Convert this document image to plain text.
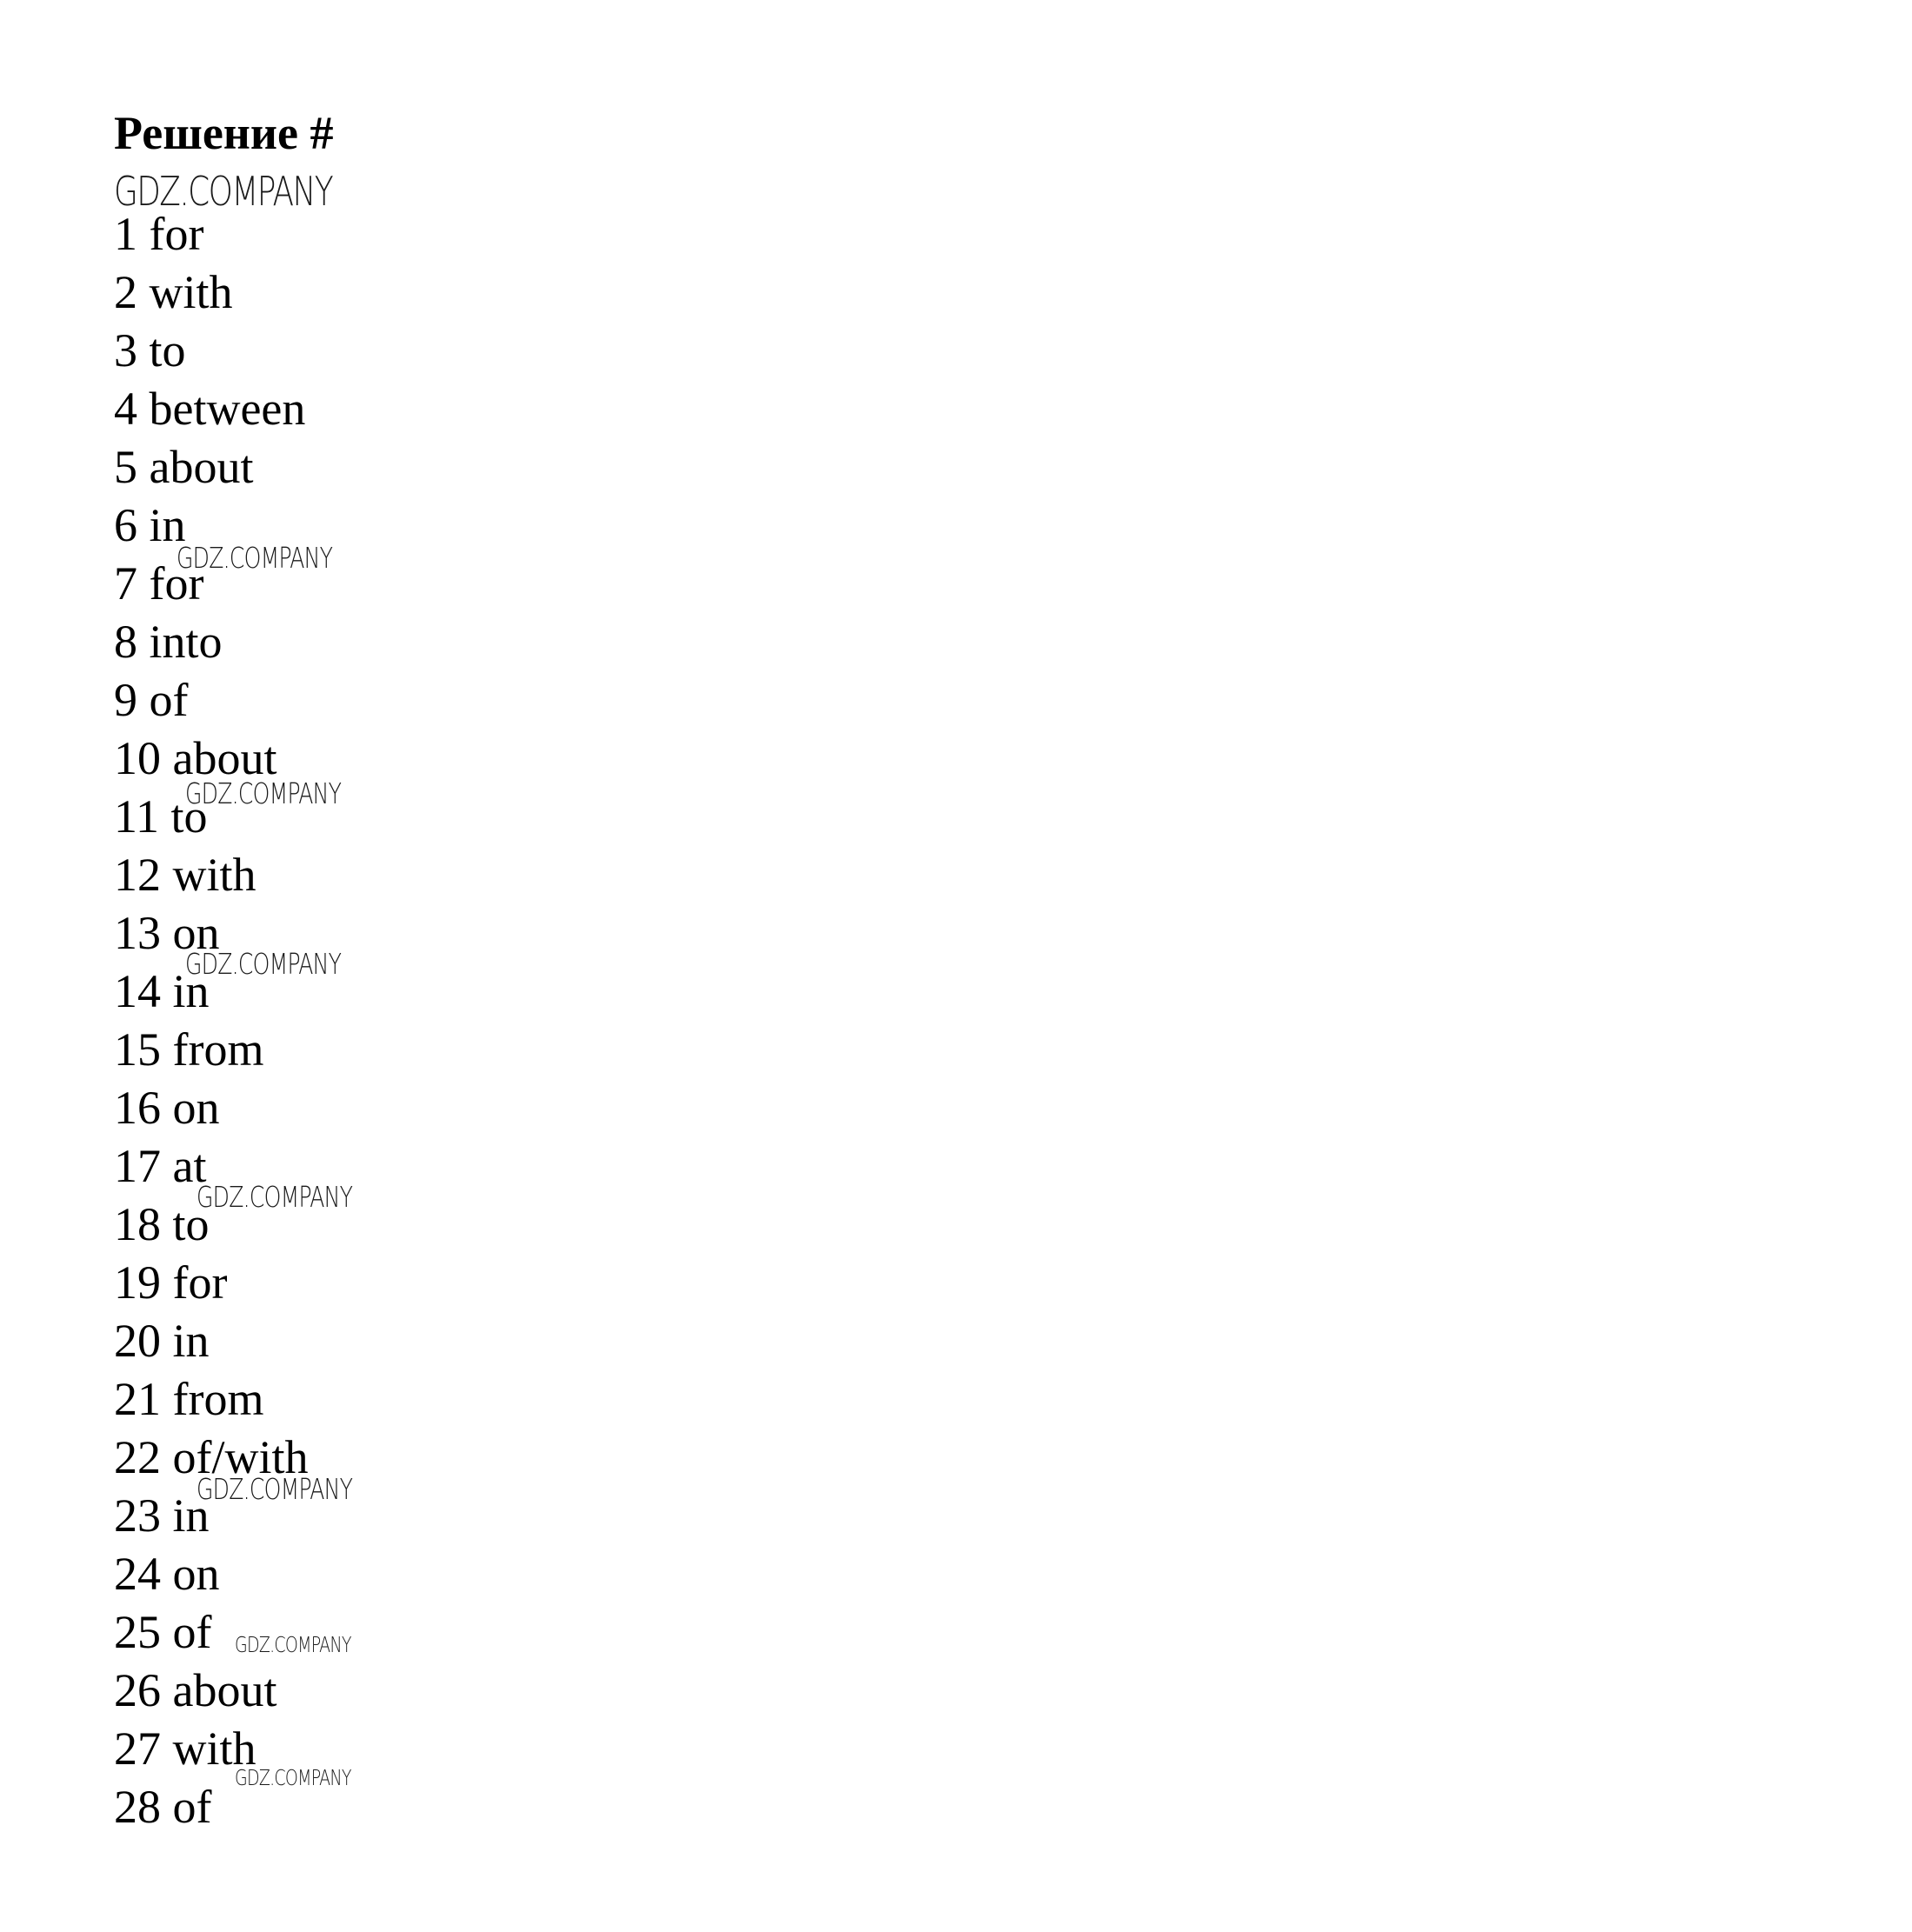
Решение #
GDZ.COMPANY
1 for
2 with
3 to
4 between
5 about
6 in
7 for
8 into
9 of
10 about
11 to
12 with
13 on
14 in
15 from
16 on
17 at
18 to
19 for
20 in
21 from
22 of/with
23 in
24 on
25 of
26 about
27 with
28 of
GDZ.COMPANY
GDZ.COMPANY
GDZ.COMPANY
GDZ.COMPANY
GDZ.COMPANY
GDZ.COMPANY
GDZ.COMPANY
